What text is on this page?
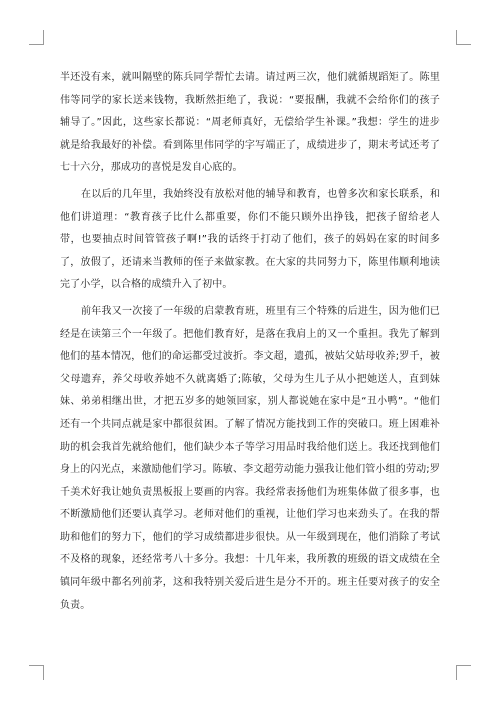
半还没有来，就叫隔壁的陈兵同学帮忙去请。请过两三次，他们就循规蹈矩了。陈里伟等同学的家长送来钱物，我断然拒绝了，我说：“要报酬，我就不会给你们的孩子辅导了。”因此，这些家长都说：“周老师真好，无偿给学生补课。”我想：学生的进步就是给我最好的补偿。看到陈里伟同学的字写端正了，成绩进步了，期末考试还考了七十六分，那成功的喜悦是发自心底的。

在以后的几年里，我始终没有放松对他的辅导和教育，也曾多次和家长联系，和他们讲道理：“教育孩子比什么都重要，你们不能只顾外出挣钱，把孩子留给老人带，也要抽点时间管管孩子啊!”我的话终于打动了他们，孩子的妈妈在家的时间多了，放假了，还请来当教师的侄子来做家教。在大家的共同努力下，陈里伟顺利地读完了小学，以合格的成绩升入了初中。

前年我又一次接了一年级的启蒙教育班，班里有三个特殊的后进生，因为他们已经是在读第三个一年级了。把他们教育好，是落在我肩上的又一个重担。我先了解到他们的基本情况，他们的命运都受过波折。李文超，遗孤，被姑父姑母收养;罗千，被父母遗弃，养父母收养她不久就离婚了;陈敏，父母为生儿子从小把她送人，直到妹妹、弟弟相继出世，才把五岁多的她领回家，别人都说她在家中是“丑小鸭”。“他们还有一个共同点就是家中都很贫困。了解了情况方能找到工作的突破口。班上困难补助的机会我首先就给他们，他们缺少本子等学习用品时我给他们送上。我还找到他们身上的闪光点，来激励他们学习。陈敏、李文超劳动能力强我让他们管小组的劳动;罗千美术好我让她负责黑板报上要画的内容。我经常表扬他们为班集体做了很多事，也不断激励他们还要认真学习。老师对他们的重视，让他们学习也来劲头了。在我的帮助和他们的努力下，他们的学习成绩都进步很快。从一年级到现在，他们消除了考试不及格的现象，还经常考八十多分。我想：十几年来，我所教的班级的语文成绩在全镇同年级中都名列前茅，这和我特别关爱后进生是分不开的。班主任要对孩子的安全负责。
